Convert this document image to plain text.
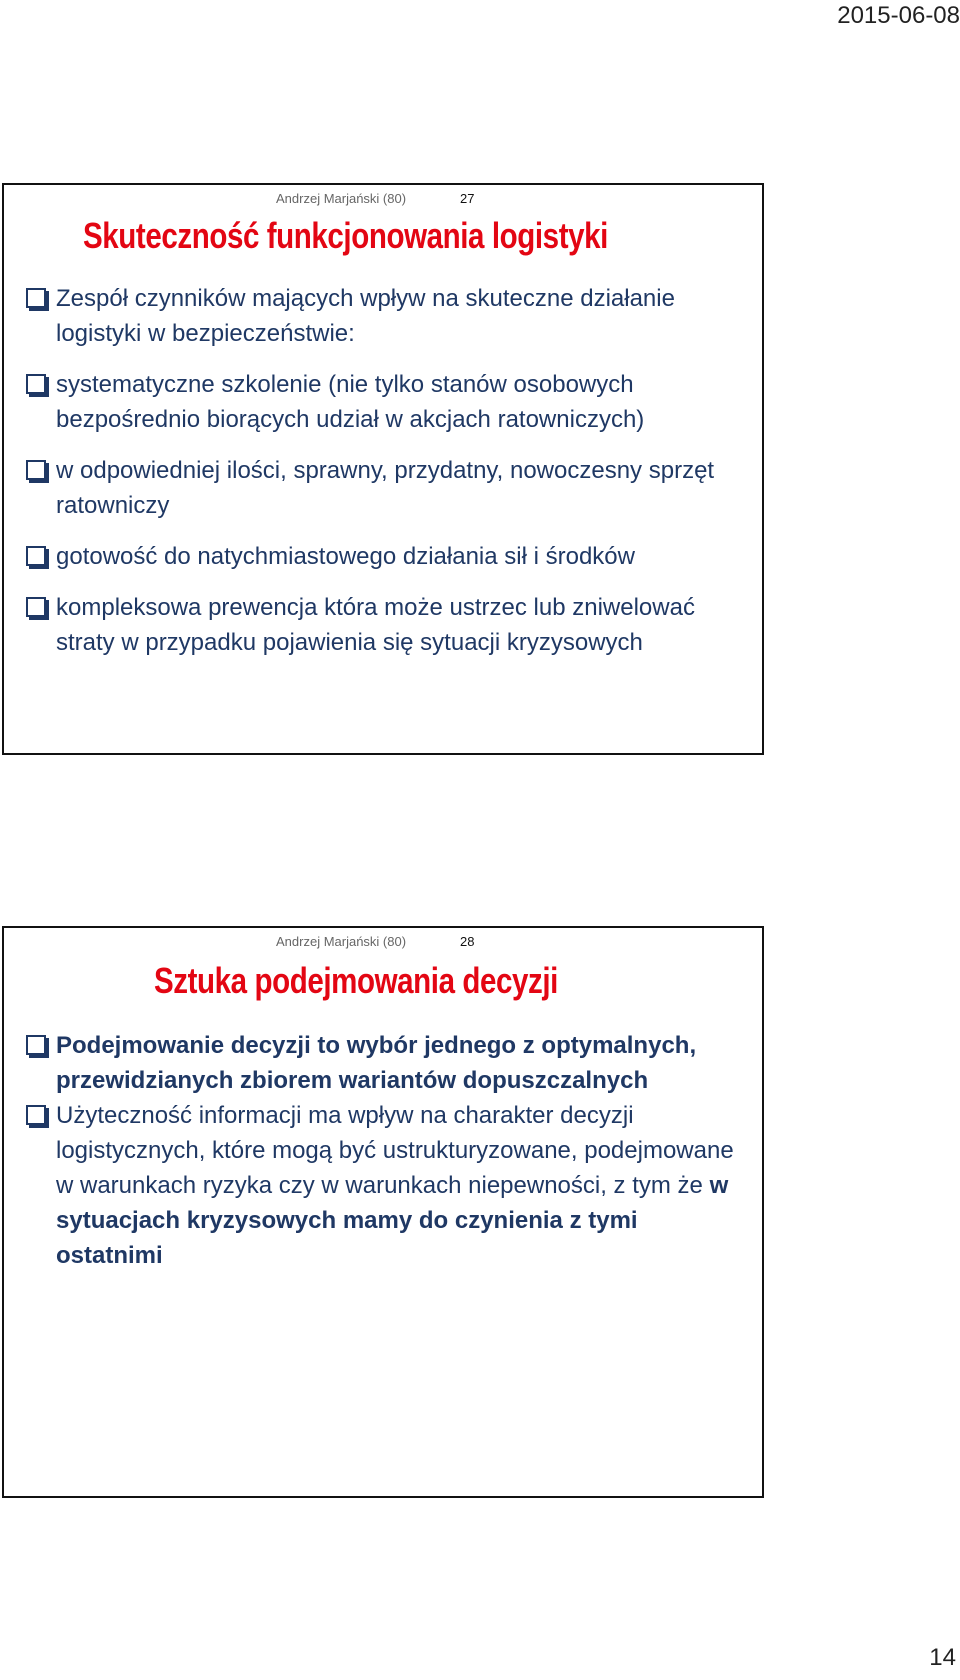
2015-06-08
Andrzej Marjański (80)	27
Skuteczność funkcjonowania logistyki
Zespół czynników mających wpływ na skuteczne działanie logistyki w bezpieczeństwie:
systematyczne szkolenie (nie tylko stanów osobowych bezpośrednio biorących udział w akcjach ratowniczych)
w odpowiedniej ilości, sprawny, przydatny, nowoczesny sprzęt ratowniczy
gotowość do natychmiastowego działania sił i środków
kompleksowa prewencja która może ustrzec lub zniwelować straty w przypadku pojawienia się sytuacji kryzysowych
Andrzej Marjański (80)	28
Sztuka podejmowania decyzji
Podejmowanie decyzji to wybór jednego z optymalnych, przewidzianych zbiorem wariantów dopuszczalnych
Użyteczność informacji ma wpływ na charakter decyzji logistycznych, które mogą być ustrukturyzowane, podejmowane w warunkach ryzyka czy w warunkach niepewności, z tym że w sytuacjach kryzysowych mamy do czynienia z tymi ostatnimi
14
